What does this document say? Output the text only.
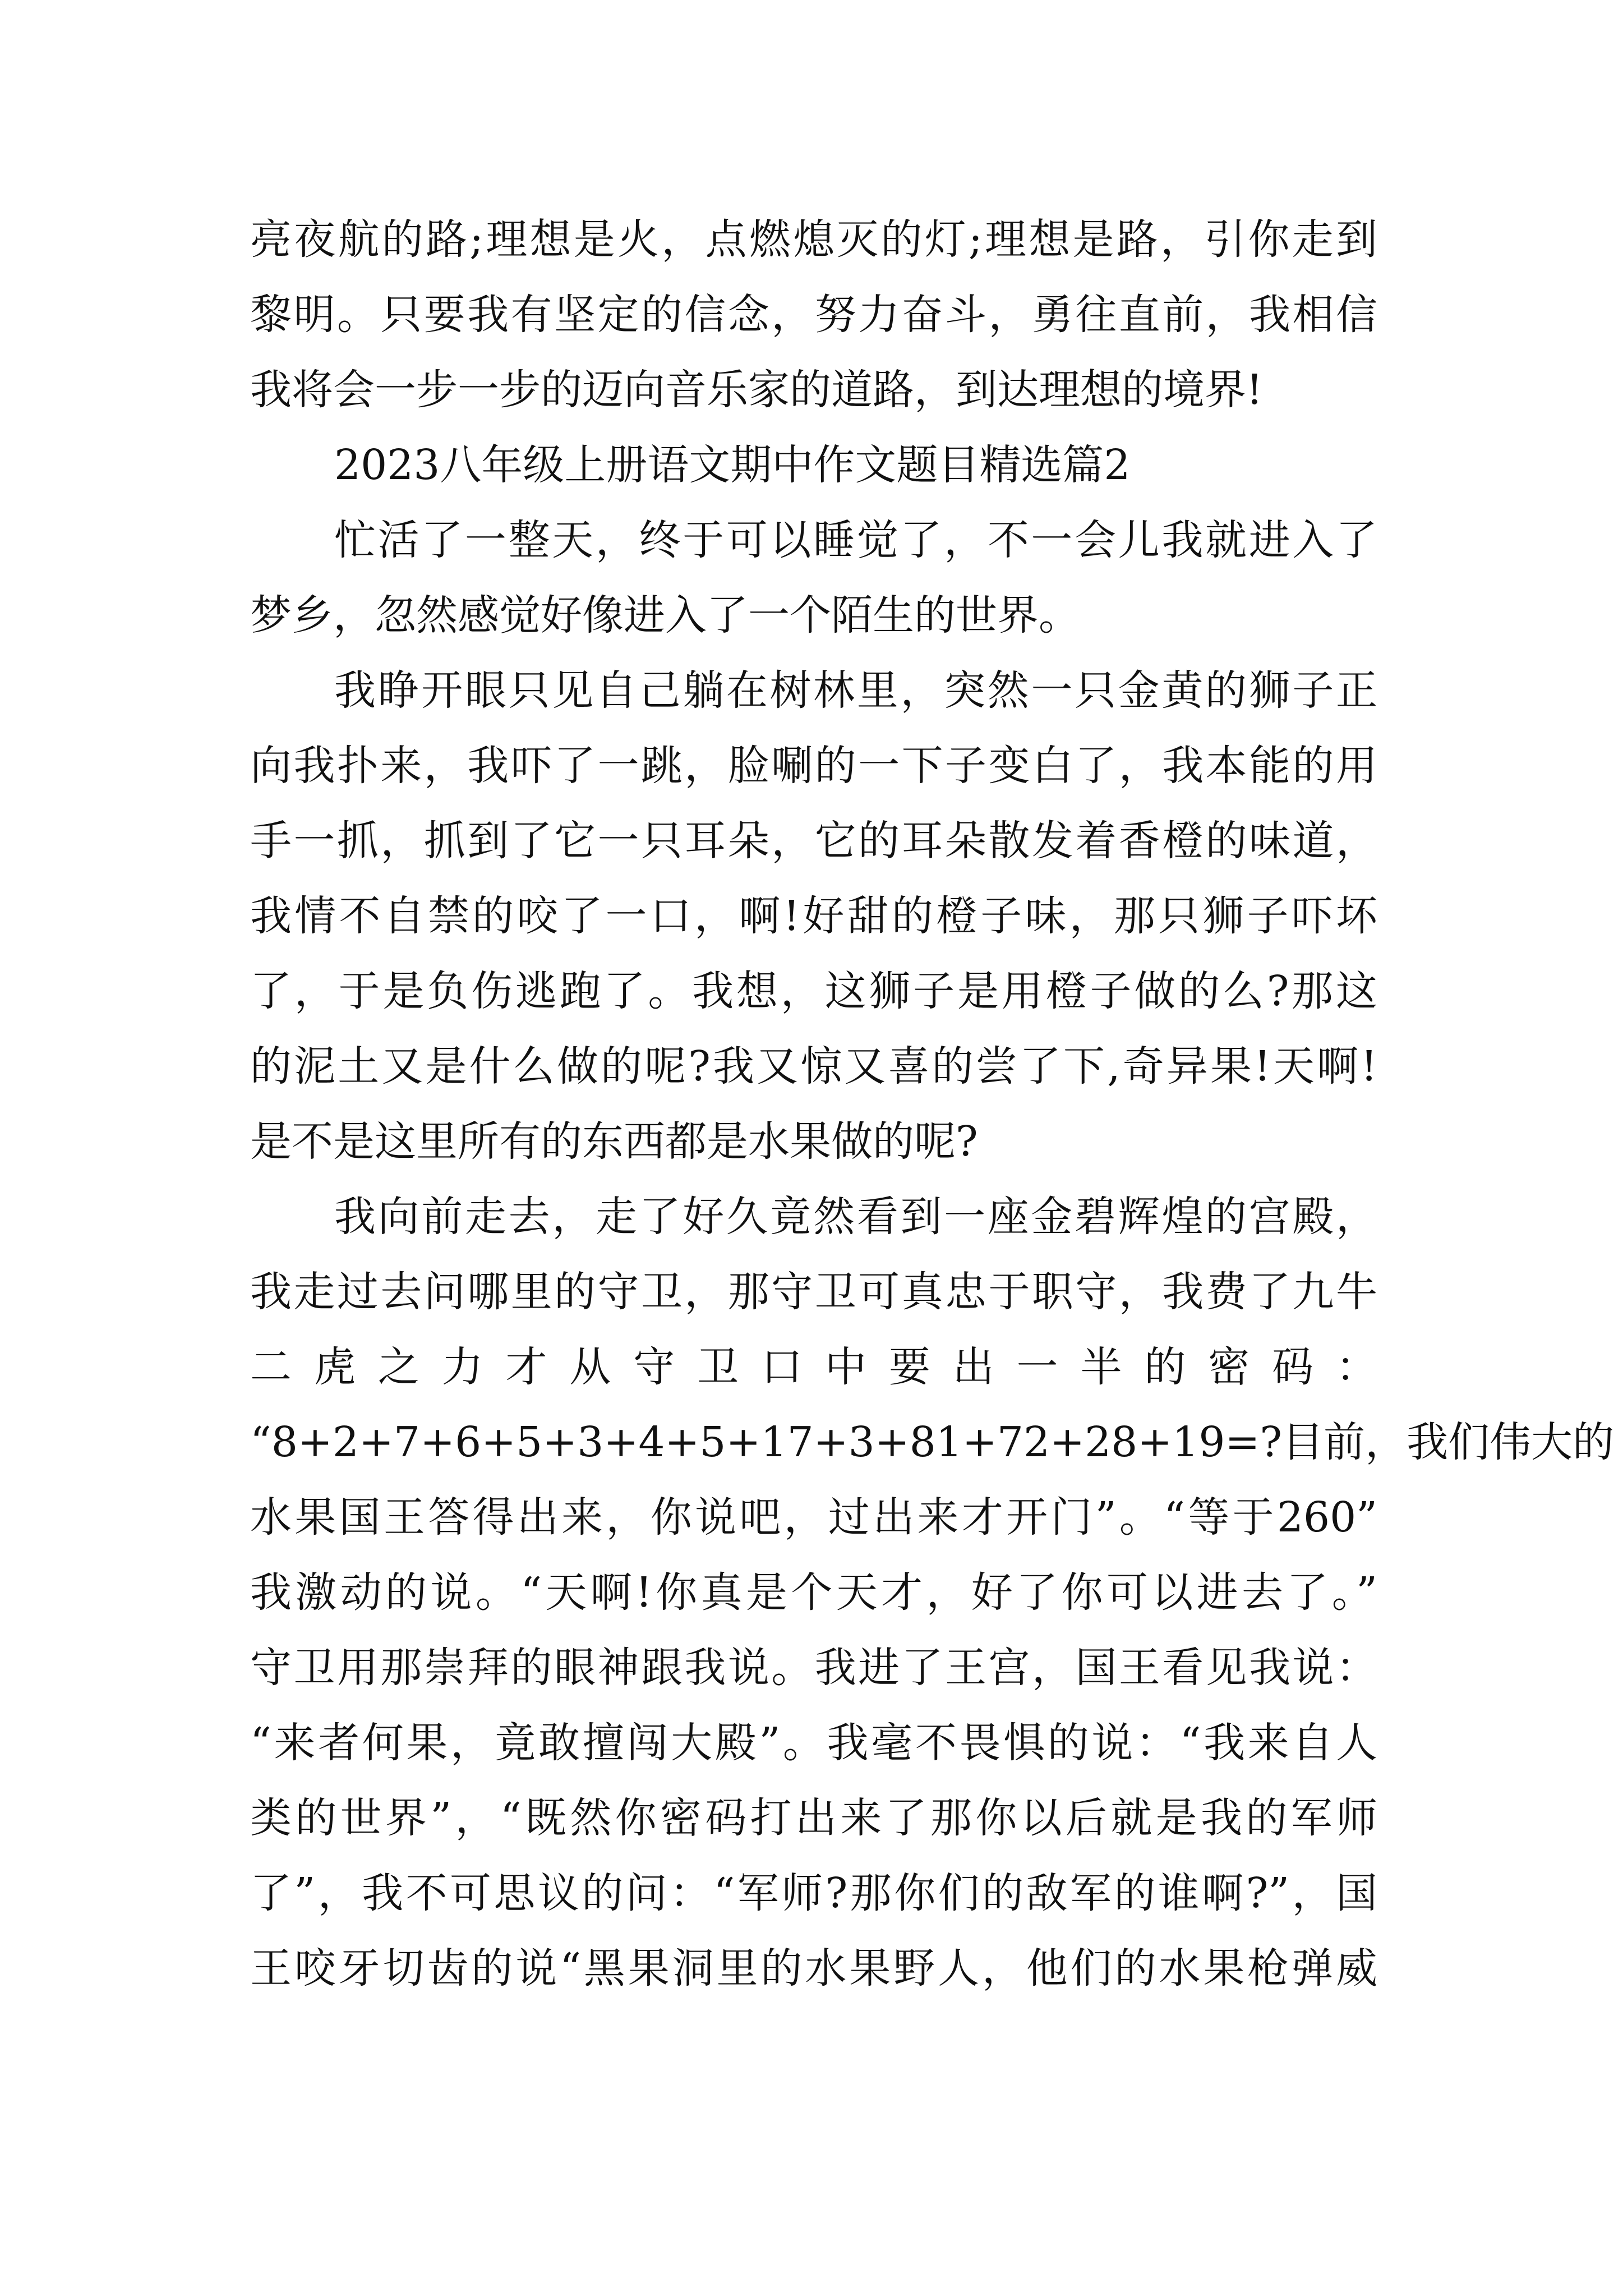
亮夜航的路;理想是火，点燃熄灭的灯;理想是路，引你走到
黎明。只要我有坚定的信念，努力奋斗，勇往直前，我相信
我将会一步一步的迈向音乐家的道路，到达理想的境界!
2023八年级上册语文期中作文题目精选篇2
忙活了一整天，终于可以睡觉了，不一会儿我就进入了
梦乡，忽然感觉好像进入了一个陌生的世界。
我睁开眼只见自己躺在树林里，突然一只金黄的狮子正
向我扑来，我吓了一跳，脸唰的一下子变白了，我本能的用
手一抓，抓到了它一只耳朵，它的耳朵散发着香橙的味道，
我情不自禁的咬了一口，啊!好甜的橙子味，那只狮子吓坏
了，于是负伤逃跑了。我想，这狮子是用橙子做的么?那这
的泥土又是什么做的呢?我又惊又喜的尝了下,奇异果!天啊!
是不是这里所有的东西都是水果做的呢?
我向前走去，走了好久竟然看到一座金碧辉煌的宫殿，
我走过去问哪里的守卫，那守卫可真忠于职守，我费了九牛
二虎之力才从守卫口中要出一半的密码：
“8+2+7+6+5+3+4+5+17+3+81+72+28+19=?目前，我们伟大的
水果国王答得出来，你说吧，过出来才开门”。“等于260”
我激动的说。“天啊!你真是个天才，好了你可以进去了。”
守卫用那崇拜的眼神跟我说。我进了王宫，国王看见我说：
“来者何果，竟敢擅闯大殿”。我毫不畏惧的说：“我来自人
类的世界”，“既然你密码打出来了那你以后就是我的军师
了”，我不可思议的问：“军师?那你们的敌军的谁啊?”，国
王咬牙切齿的说“黑果洞里的水果野人，他们的水果枪弹威
